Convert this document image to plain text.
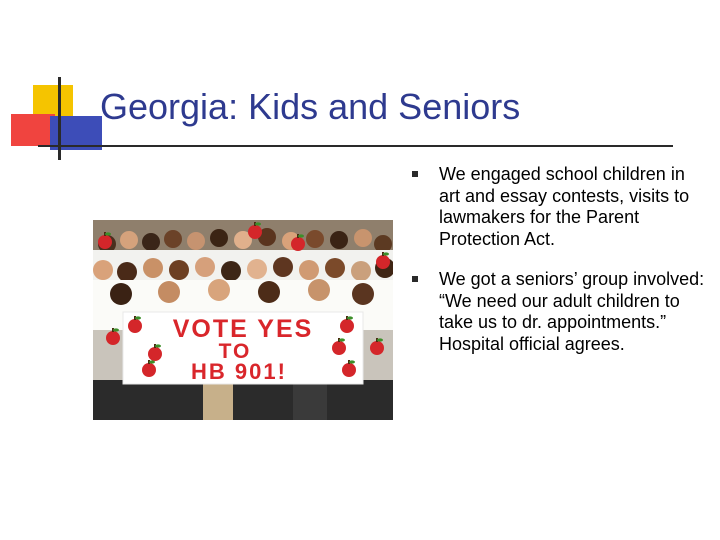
Georgia: Kids and Seniors
VOTE YES
TO
HB 901!
We engaged school children in art and essay contests, visits to lawmakers for the Parent Protection Act.
We got a seniors’ group involved: “We need our adult children to take us to dr. appointments.” Hospital official agrees.
